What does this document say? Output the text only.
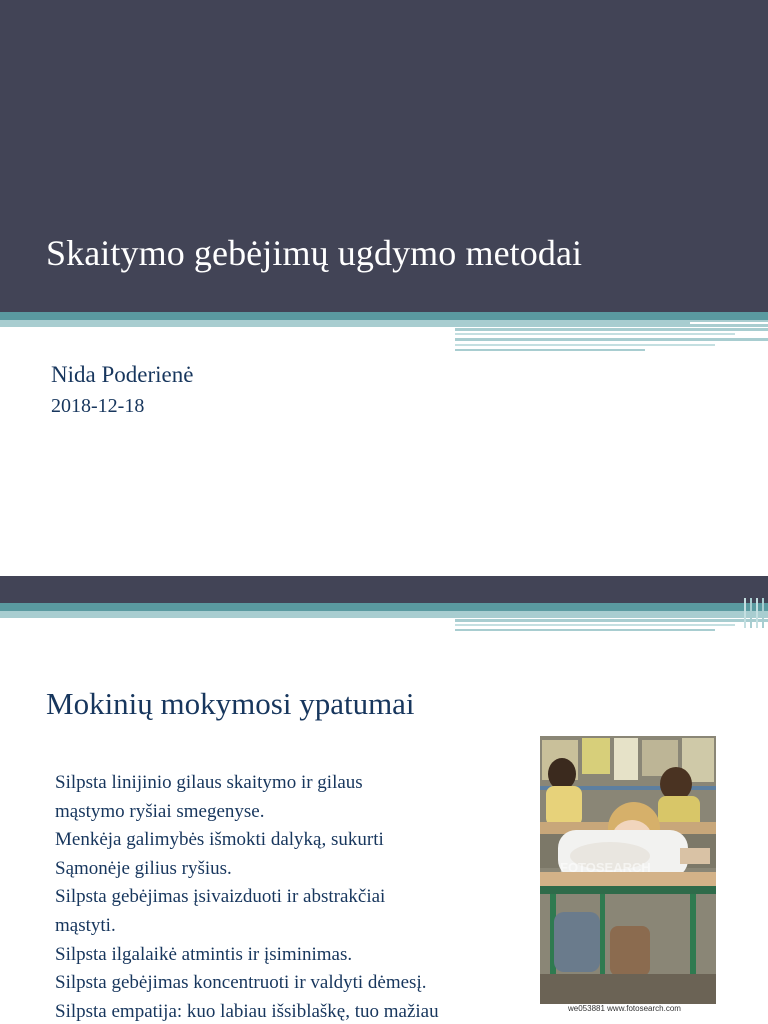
Skaitymo gebėjimų ugdymo metodai
Nida Poderienė
2018-12-18
Mokinių mokymosi ypatumai
Silpsta linijinio gilaus skaitymo ir gilaus
mąstymo ryšiai smegenyse.
Menkėja galimybės išmokti dalyką, sukurti
Sąmonėje gilius ryšius.
Silpsta gebėjimas įsivaizduoti ir abstrakčiai
mąstyti.
Silpsta ilgalaikė atmintis ir įsiminimas.
Silpsta gebėjimas koncentruoti ir valdyti dėmesį.
Silpsta empatija: kuo labiau išsiblaškę, tuo mažiau
FOTOSEARCH
we053881 www.fotosearch.com
